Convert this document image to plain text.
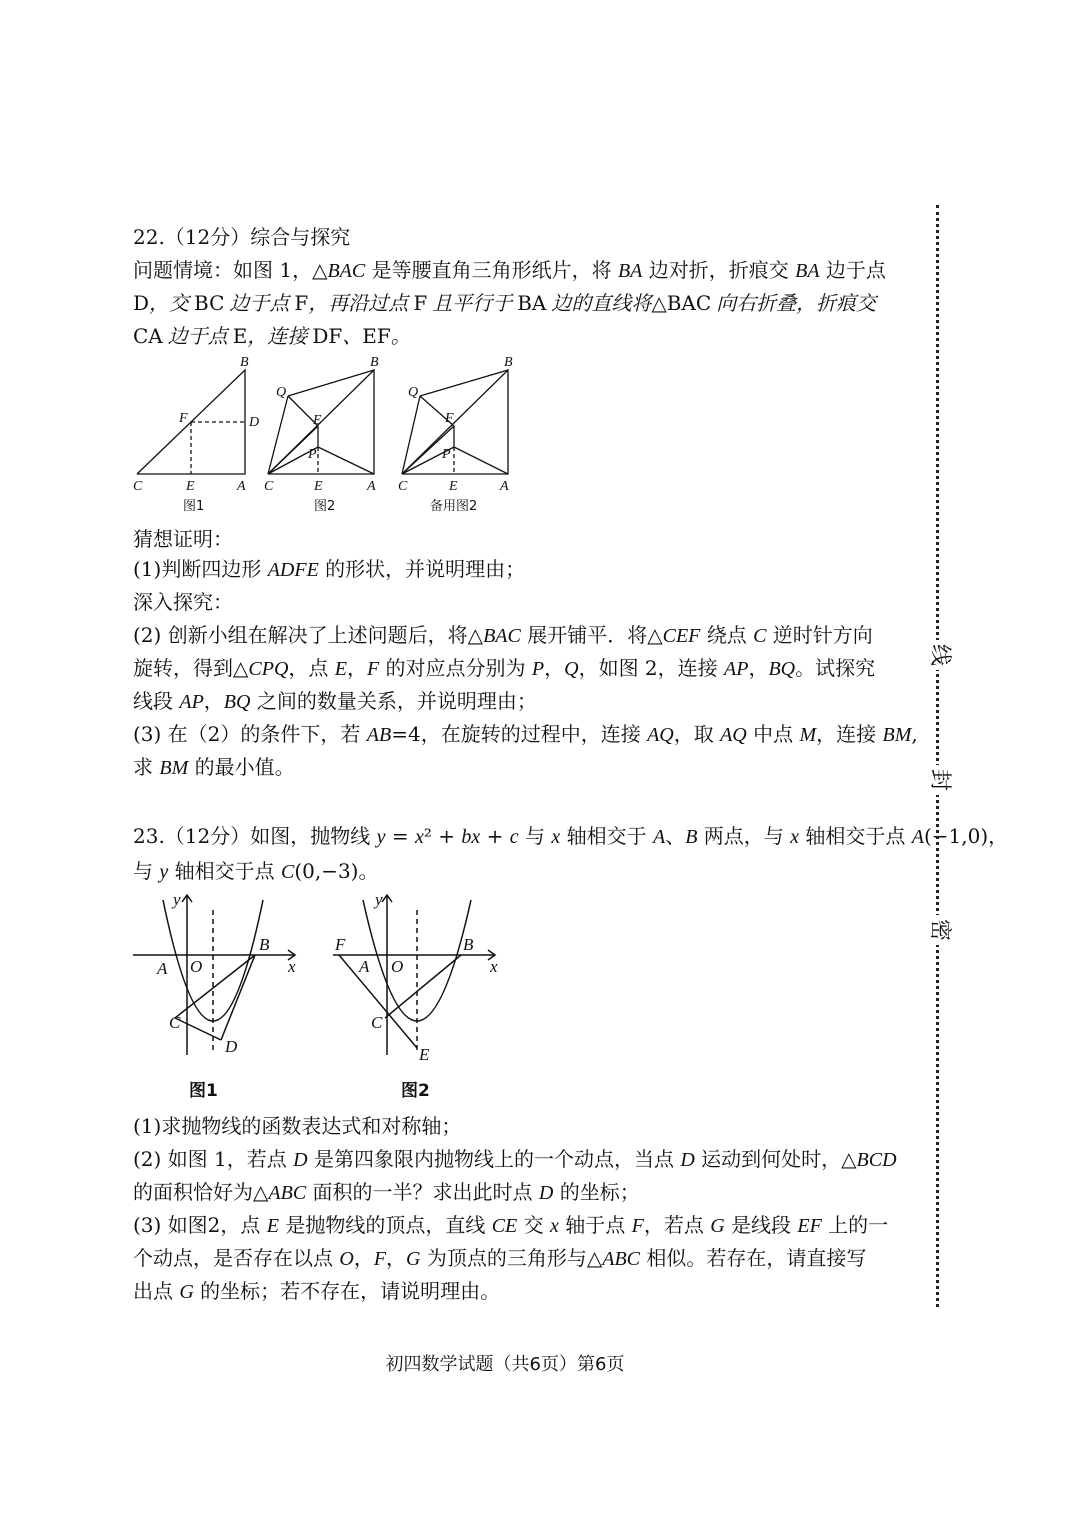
22.（12分）综合与探究

问题情境：如图 1，△BAC 是等腰直角三角形纸片，将 BA 边对折，折痕交 BA 边于点

D，交 BC 边于点 F，再沿过点 F 且平行于 BA 边的直线将△BAC 向右折叠，折痕交

CA 边于点 E，连接 DF、EF。

B
F	D
C	E	A
图1
B
Q
E
P
C	E	A
图2
B
Q
F
P
C	E	A
备用图2

猜想证明：

(1)判断四边形 ADFE 的形状，并说明理由；

深入探究：

(2) 创新小组在解决了上述问题后，将△BAC 展开铺平．将△CEF 绕点 C 逆时针方向

旋转，得到△CPQ，点 E，F 的对应点分别为 P，Q，如图 2，连接 AP，BQ。试探究

线段 AP，BQ 之间的数量关系，并说明理由；

(3) 在（2）的条件下，若 AB=4，在旋转的过程中，连接 AQ，取 AQ 中点 M，连接 BM,

求 BM 的最小值。

23.（12分）如图，抛物线 y = x² + bx + c 与 x 轴相交于 A、B 两点，与 x 轴相交于点 A(−1,0)，

与 y 轴相交于点 C(0,−3)。

y
A O
B
x
C
D
图1
y
F
A O
B
x
C
E
图2

(1)求抛物线的函数表达式和对称轴；

(2) 如图 1，若点 D 是第四象限内抛物线上的一个动点，当点 D 运动到何处时，△BCD

的面积恰好为△ABC 面积的一半？求出此时点 D 的坐标；

(3) 如图2，点 E 是抛物线的顶点，直线 CE 交 x 轴于点 F，若点 G 是线段 EF 上的一

个动点，是否存在以点 O，F，G 为顶点的三角形与△ABC 相似。若存在，请直接写

出点 G 的坐标；若不存在，请说明理由。

线
封
密
初四数学试题（共6页）第6页
